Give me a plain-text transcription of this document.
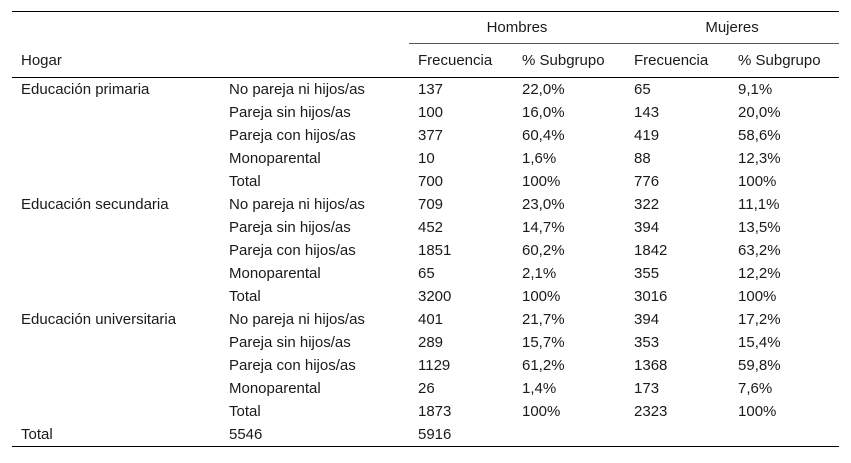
		Hombres		Mujeres	
Hogar		Frecuencia	% Subgrupo	Frecuencia	% Subgrupo
Educación primaria	No pareja ni hijos/as	137	22,0%	65	9,1%
	Pareja sin hijos/as	100	16,0%	143	20,0%
	Pareja con hijos/as	377	60,4%	419	58,6%
	Monoparental	10	1,6%	88	12,3%
	Total	700	100%	776	100%
Educación secundaria	No pareja ni hijos/as	709	23,0%	322	11,1%
	Pareja sin hijos/as	452	14,7%	394	13,5%
	Pareja con hijos/as	1851	60,2%	1842	63,2%
	Monoparental	65	2,1%	355	12,2%
	Total	3200	100%	3016	100%
Educación universitaria	No pareja ni hijos/as	401	21,7%	394	17,2%
	Pareja sin hijos/as	289	15,7%	353	15,4%
	Pareja con hijos/as	1129	61,2%	1368	59,8%
	Monoparental	26	1,4%	173	7,6%
	Total	1873	100%	2323	100%
Total	5546	5916			
